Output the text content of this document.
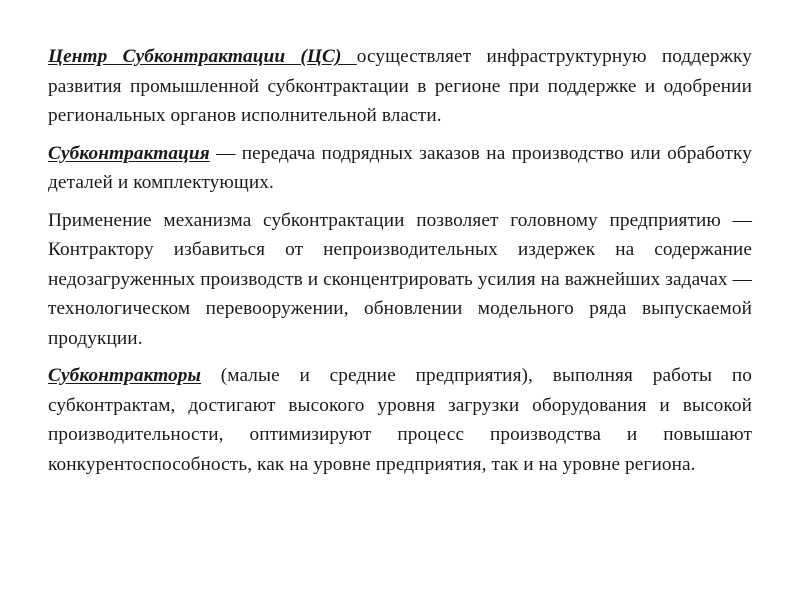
Центр Субконтрактации (ЦС) осуществляет инфраструктурную поддержку развития промышленной субконтрактации в регионе при поддержке и одобрении региональных органов исполнительной власти.

Субконтрактация — передача подрядных заказов на производство или обработку деталей и комплектующих.

Применение механизма субконтрактации позволяет головному предприятию — Контрактору избавиться от непроизводительных издержек на содержание недозагруженных производств и сконцентрировать усилия на важнейших задачах — технологическом перевооружении, обновлении модельного ряда выпускаемой продукции.

Субконтракторы (малые и средние предприятия), выполняя работы по субконтрактам, достигают высокого уровня загрузки оборудования и высокой производительности, оптимизируют процесс производства и повышают конкурентоспособность, как на уровне предприятия, так и на уровне региона.
